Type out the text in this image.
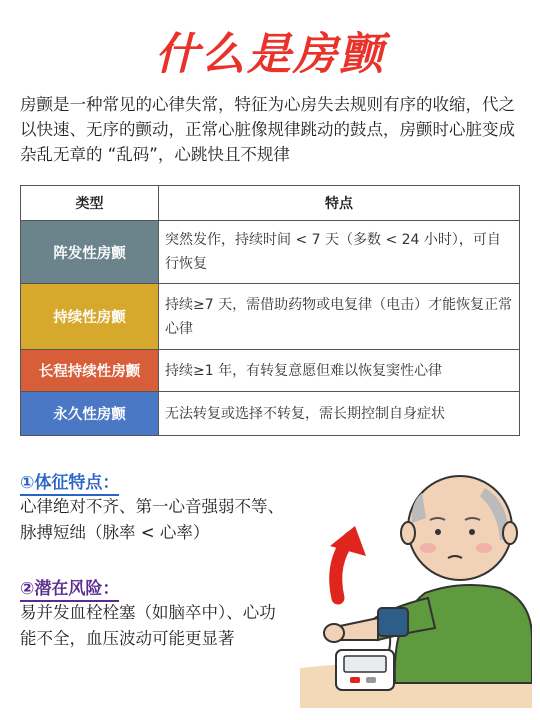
什么是房颤
房颤是一种常见的心律失常，特征为心房失去规则有序的收缩，代之以快速、无序的颤动，正常心脏像规律跳动的鼓点，房颤时心脏变成杂乱无章的 “乱码”，心跳快且不规律
类型	特点
阵发性房颤	突然发作，持续时间 < 7 天（多数 < 24 小时），可自行恢复
持续性房颤	持续≥7 天，需借助药物或电复律（电击）才能恢复正常心律
长程持续性房颤	持续≥1 年，有转复意愿但难以恢复窦性心律
永久性房颤	无法转复或选择不转复，需长期控制自身症状
①体征特点：
心律绝对不齐、第一心音强弱不等、脉搏短绌（脉率 < 心率）
②潜在风险：
易并发血栓栓塞（如脑卒中）、心功能不全，血压波动可能更显著
